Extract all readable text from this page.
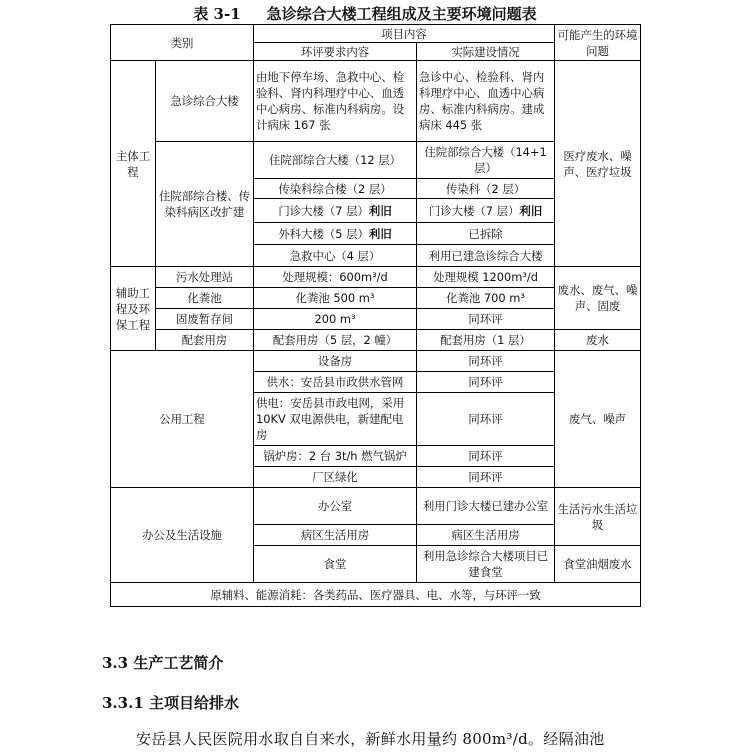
表 3-1 急诊综合大楼工程组成及主要环境问题表
类别		项目内容		可能产生的环境问题
		环评要求内容	实际建设情况	
主体工程	急诊综合大楼	由地下停车场、急救中心、检验科、肾内科理疗中心、血透中心病房、标准内科病房。设计病床 167 张	急诊中心、检验科、肾内科理疗中心、血透中心病房、标准内科病房。建成病床 445 张	医疗废水、噪声、医疗垃圾
	住院部综合楼、传染科病区改扩建	住院部综合大楼（12 层）	住院部综合大楼（14+1 层）	
		传染科综合楼（2 层）	传染科（2 层）	
		门诊大楼（7 层）利旧	门诊大楼（7 层）利旧	
		外科大楼（5 层）利旧	已拆除	
		急救中心（4 层）	利用已建急诊综合大楼	
辅助工程及环保工程	污水处理站	处理规模：600m³/d	处理规模 1200m³/d	废水、废气、噪声、固废
	化粪池	化粪池 500 m³	化粪池 700 m³	
	固废暂存间	200 m³	同环评	
	配套用房	配套用房（5 层，2 幢）	配套用房（1 层）	废水
公用工程		设备房	同环评	废气、噪声
		供水：安岳县市政供水管网	同环评	
		供电：安岳县市政电网，采用 10KV 双电源供电，新建配电房	同环评	
		锅炉房：2 台 3t/h 燃气锅炉	同环评	
		厂区绿化	同环评	
办公及生活设施		办公室	利用门诊大楼已建办公室	生活污水生活垃圾
		病区生活用房	病区生活用房	
		食堂	利用急诊综合大楼项目已建食堂	食堂油烟废水
原辅料、能源消耗：各类药品、医疗器具、电、水等，与环评一致				
3.3 生产工艺简介
3.3.1 主项目给排水
安岳县人民医院用水取自自来水，新鲜水用量约 800m³/d。经隔油池
